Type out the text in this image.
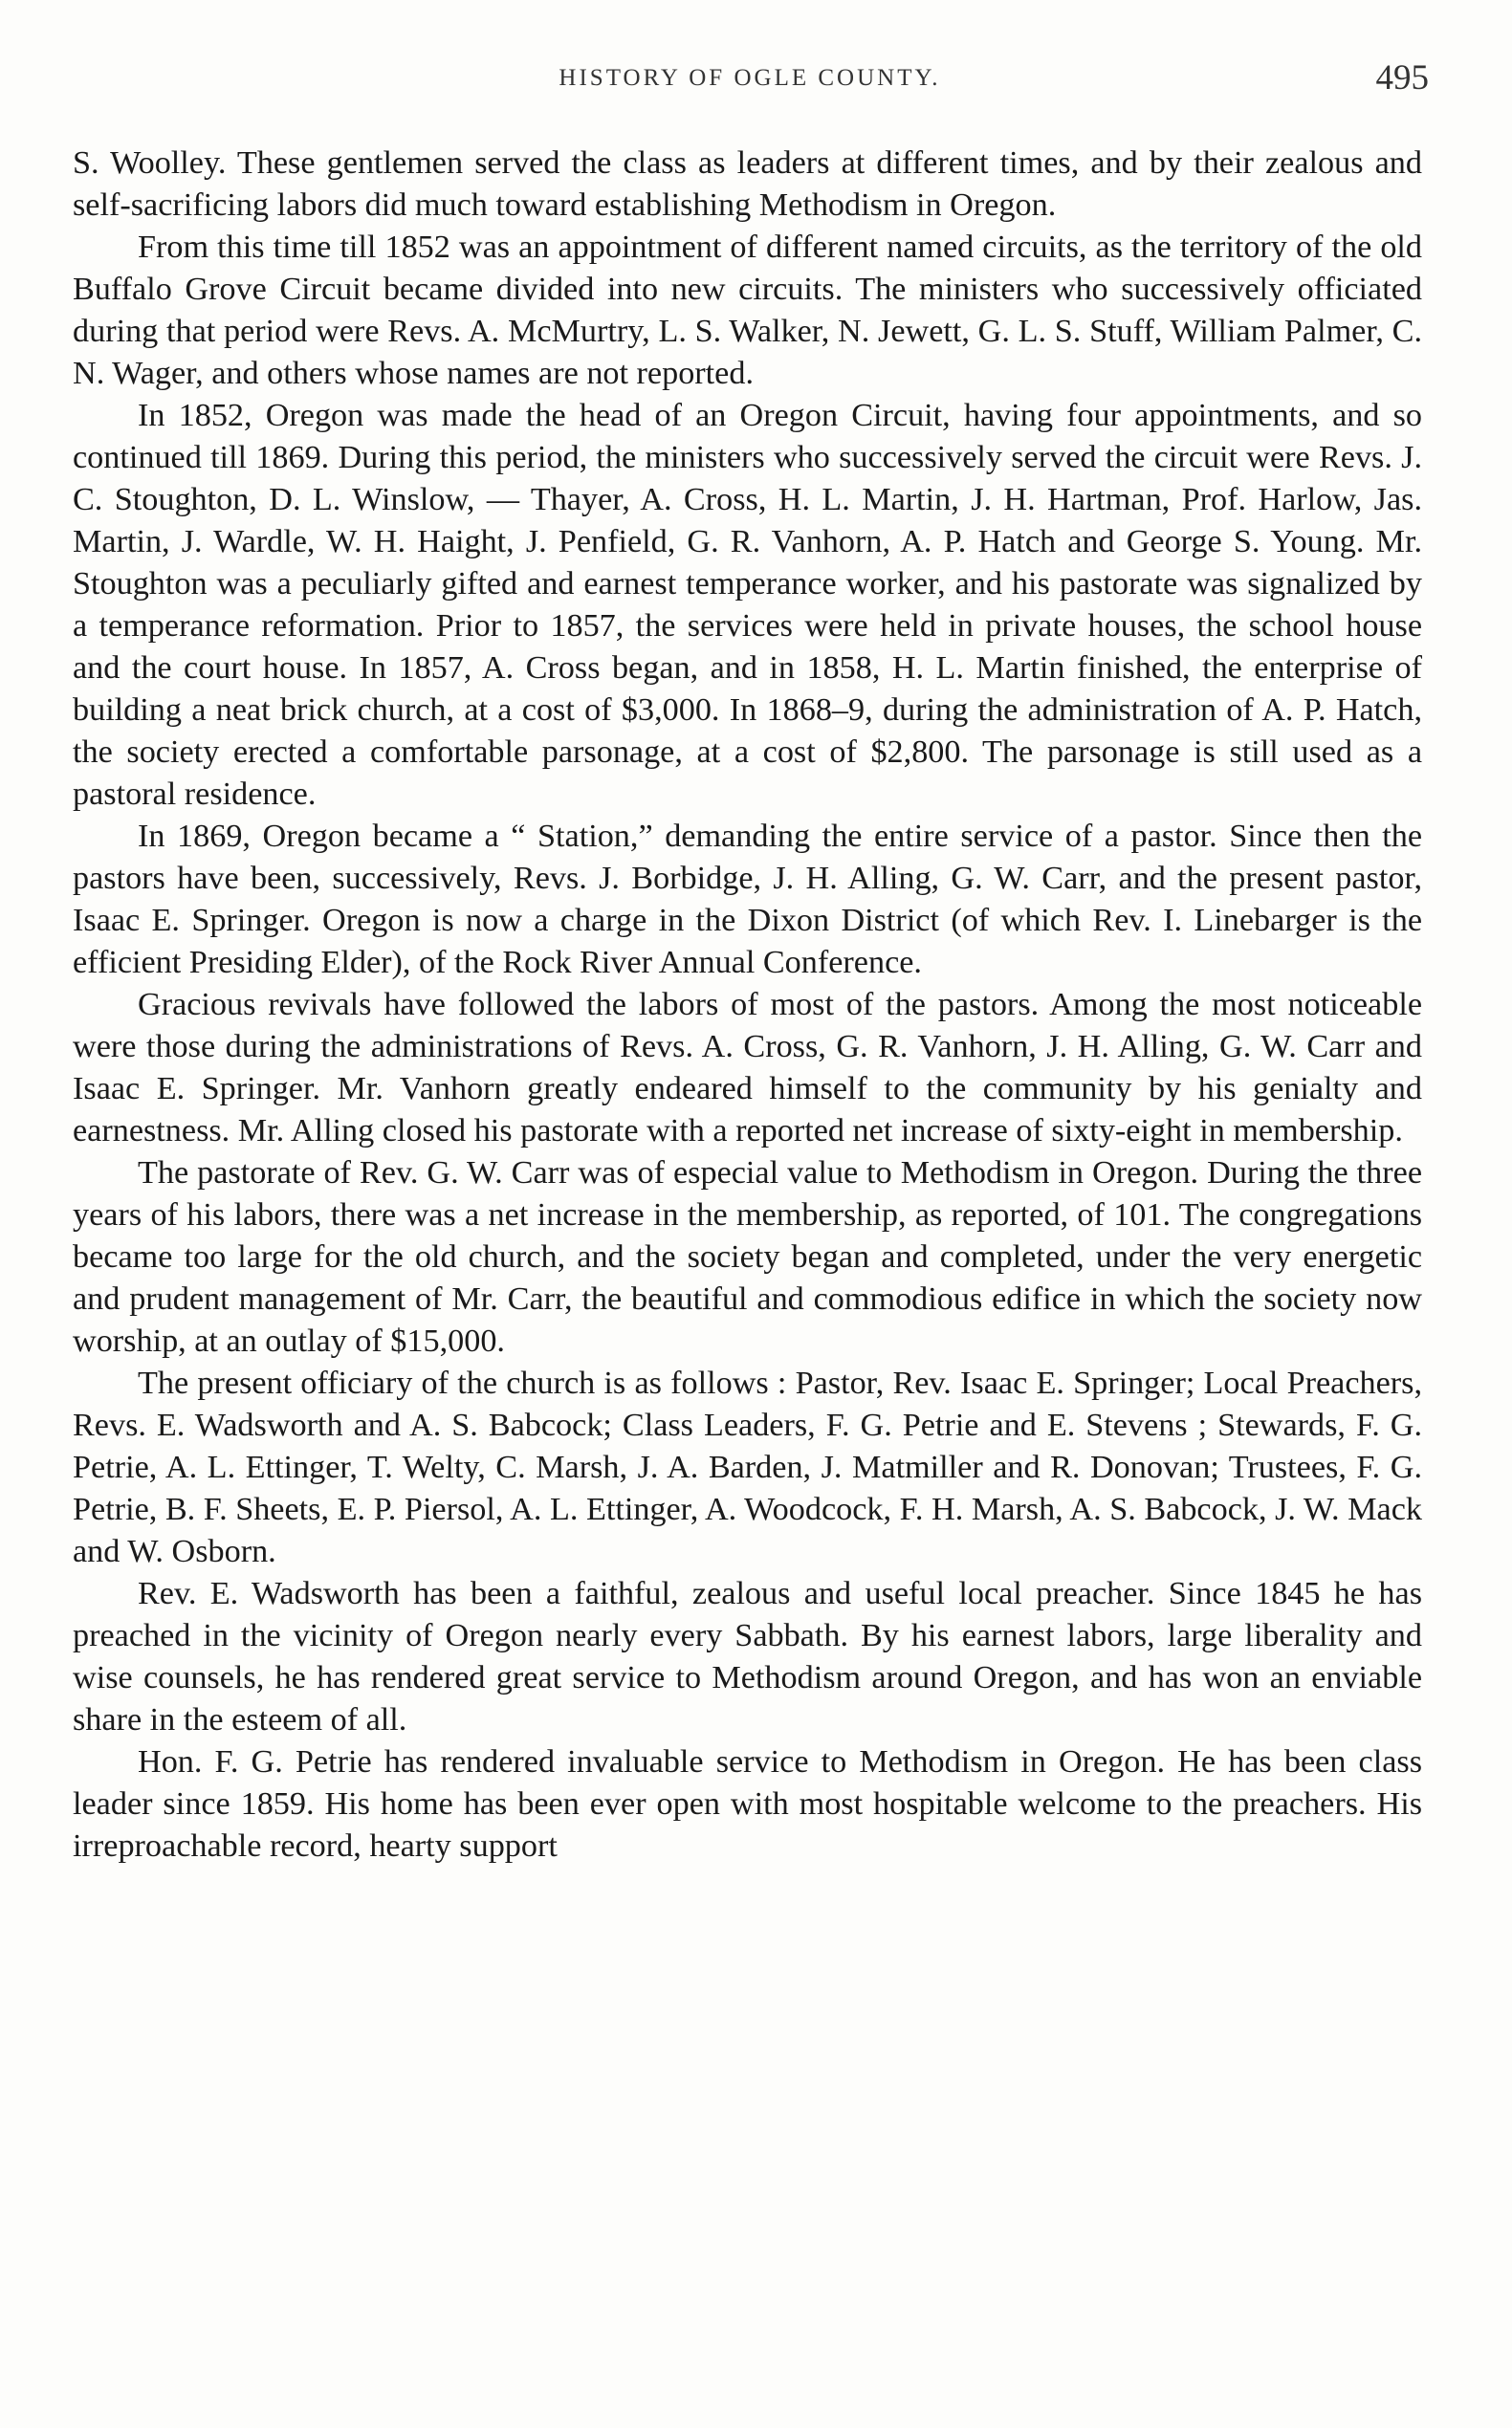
HISTORY OF OGLE COUNTY.	495

S. Woolley. These gentlemen served the class as leaders at different times, and by their zealous and self-sacrificing labors did much toward establishing Methodism in Oregon.

From this time till 1852 was an appointment of different named circuits, as the territory of the old Buffalo Grove Circuit became divided into new circuits. The ministers who successively officiated during that period were Revs. A. McMurtry, L. S. Walker, N. Jewett, G. L. S. Stuff, William Palmer, C. N. Wager, and others whose names are not reported.

In 1852, Oregon was made the head of an Oregon Circuit, having four appointments, and so continued till 1869. During this period, the ministers who successively served the circuit were Revs. J. C. Stoughton, D. L. Winslow, — Thayer, A. Cross, H. L. Martin, J. H. Hartman, Prof. Harlow, Jas. Martin, J. Wardle, W. H. Haight, J. Penfield, G. R. Vanhorn, A. P. Hatch and George S. Young. Mr. Stoughton was a peculiarly gifted and earnest temperance worker, and his pastorate was signalized by a temperance reformation. Prior to 1857, the services were held in private houses, the school house and the court house. In 1857, A. Cross began, and in 1858, H. L. Martin finished, the enterprise of building a neat brick church, at a cost of $3,000. In 1868–9, during the administration of A. P. Hatch, the society erected a comfortable parsonage, at a cost of $2,800. The parsonage is still used as a pastoral residence.

In 1869, Oregon became a “ Station,” demanding the entire service of a pastor. Since then the pastors have been, successively, Revs. J. Borbidge, J. H. Alling, G. W. Carr, and the present pastor, Isaac E. Springer. Oregon is now a charge in the Dixon District (of which Rev. I. Linebarger is the efficient Presiding Elder), of the Rock River Annual Conference.

Gracious revivals have followed the labors of most of the pastors. Among the most noticeable were those during the administrations of Revs. A. Cross, G. R. Vanhorn, J. H. Alling, G. W. Carr and Isaac E. Springer. Mr. Vanhorn greatly endeared himself to the community by his genialty and earnestness. Mr. Alling closed his pastorate with a reported net increase of sixty-eight in membership.

The pastorate of Rev. G. W. Carr was of especial value to Methodism in Oregon. During the three years of his labors, there was a net increase in the membership, as reported, of 101. The congregations became too large for the old church, and the society began and completed, under the very energetic and prudent management of Mr. Carr, the beautiful and commodious edifice in which the society now worship, at an outlay of $15,000.

The present officiary of the church is as follows : Pastor, Rev. Isaac E. Springer; Local Preachers, Revs. E. Wadsworth and A. S. Babcock; Class Leaders, F. G. Petrie and E. Stevens ; Stewards, F. G. Petrie, A. L. Ettinger, T. Welty, C. Marsh, J. A. Barden, J. Matmiller and R. Donovan; Trustees, F. G. Petrie, B. F. Sheets, E. P. Piersol, A. L. Ettinger, A. Woodcock, F. H. Marsh, A. S. Babcock, J. W. Mack and W. Osborn.

Rev. E. Wadsworth has been a faithful, zealous and useful local preacher. Since 1845 he has preached in the vicinity of Oregon nearly every Sabbath. By his earnest labors, large liberality and wise counsels, he has rendered great service to Methodism around Oregon, and has won an enviable share in the esteem of all.

Hon. F. G. Petrie has rendered invaluable service to Methodism in Oregon. He has been class leader since 1859. His home has been ever open with most hospitable welcome to the preachers. His irreproachable record, hearty support
